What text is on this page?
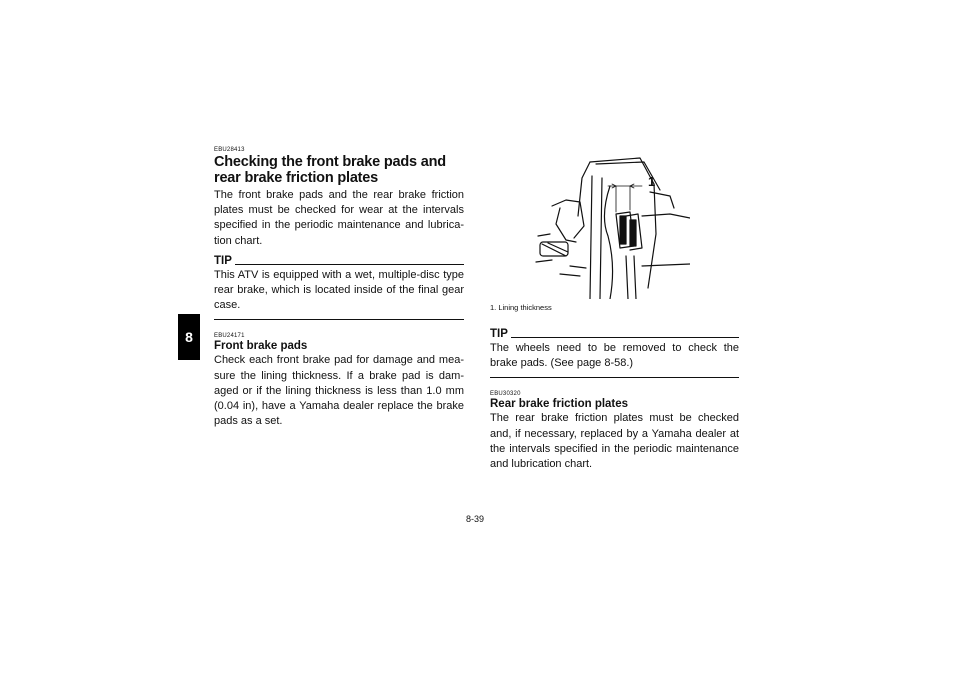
8

EBU28413

Checking the front brake pads and rear brake friction plates

The front brake pads and the rear brake friction plates must be checked for wear at the intervals specified in the periodic maintenance and lubrica-tion chart.

TIP

This ATV is equipped with a wet, multiple-disc type rear brake, which is located inside of the final gear case.

EBU24171

Front brake pads

Check each front brake pad for damage and mea-sure the lining thickness. If a brake pad is dam-aged or if the lining thickness is less than 1.0 mm (0.04 in), have a Yamaha dealer replace the brake pads as a set.

1
1. Lining thickness
TIP

The wheels need to be removed to check the brake pads. (See page 8-58.)

EBU30320

Rear brake friction plates

The rear brake friction plates must be checked and, if necessary, replaced by a Yamaha dealer at the intervals specified in the periodic maintenance and lubrication chart.

8-39
